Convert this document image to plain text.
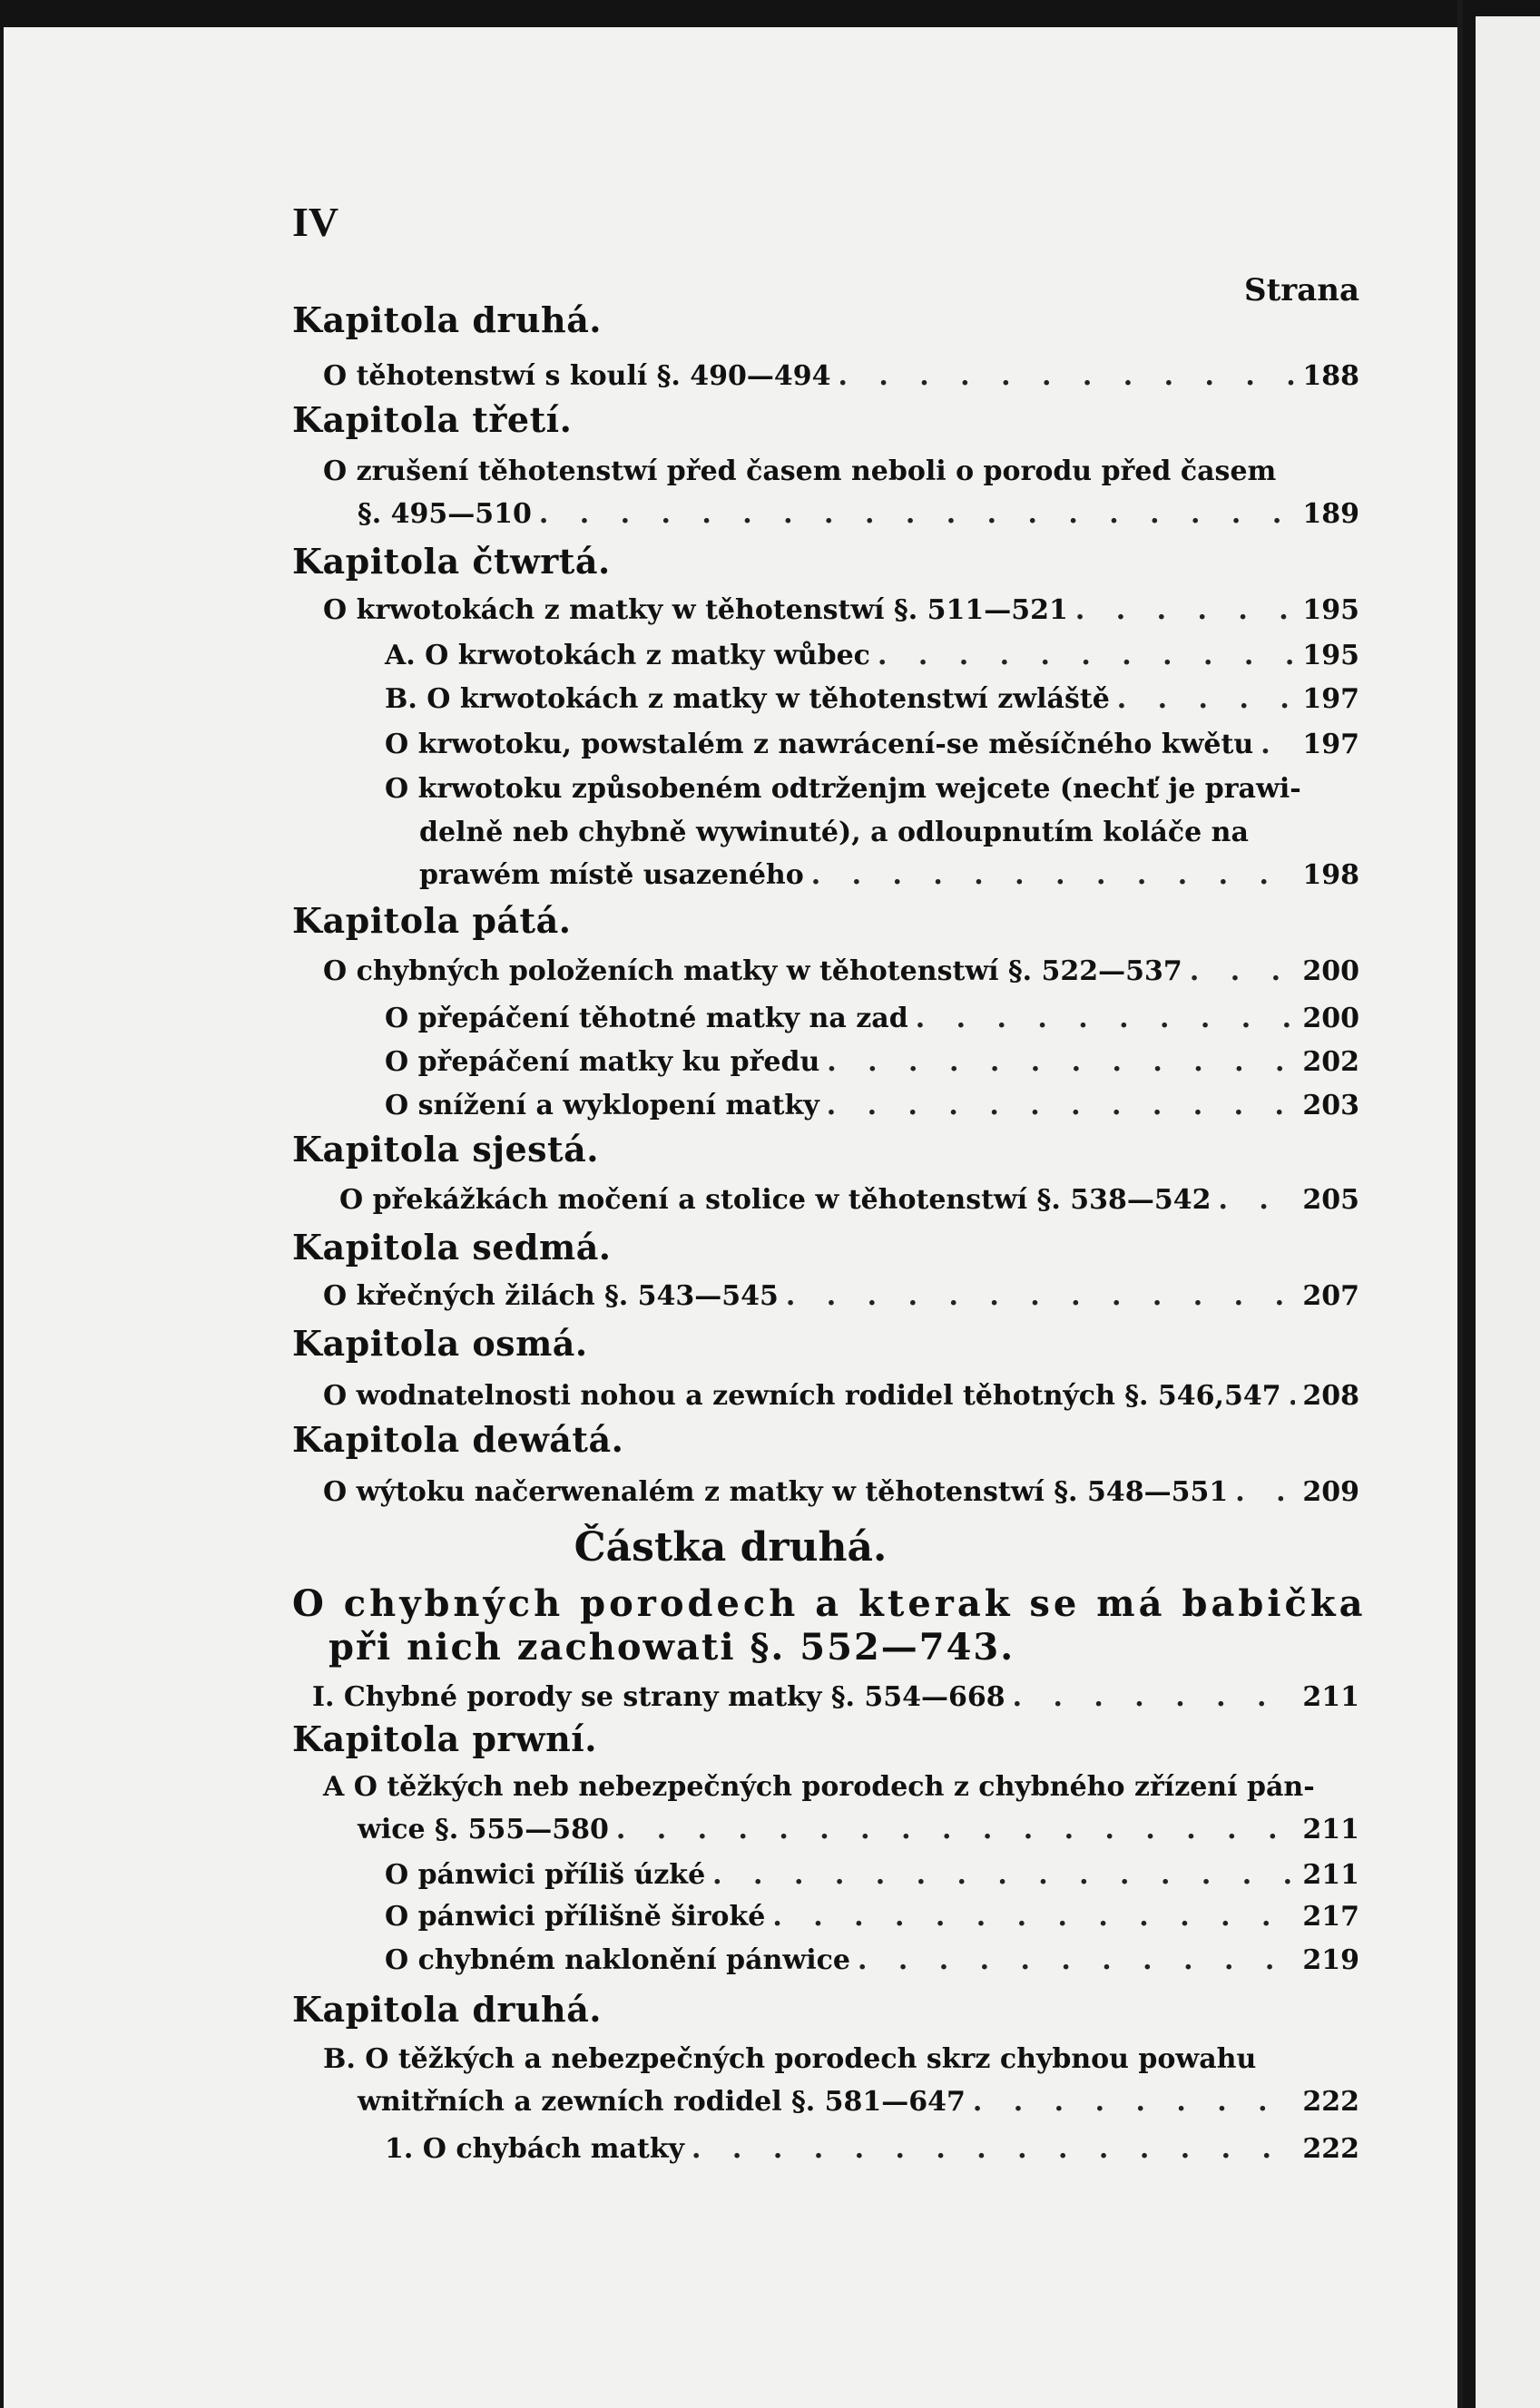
IV
Strana
Kapitola druhá.
O těhotenstwí s koulí §. 490—494 . . .	188
Kapitola třetí.
O zrušení těhotenstwí před časem neboli o porodu před časem
§. 495—510 . . .	189
Kapitola čtwrtá.
O krwotokách z matky w těhotenstwí §. 511—521 . . .	195
A. O krwotokách z matky wůbec . . .	195
B. O krwotokách z matky w těhotenstwí zwláště . . .	197
O krwotoku, powstalém z nawrácení-se měsíčného kwětu . . . 197
O krwotoku způsobeném odtrženjm wejcete (nechť je prawi-
delně neb chybně wywinuté), a odloupnutím koláče na
prawém místě usazeného . . .	198
Kapitola pátá.
O chybných položeních matky w těhotenstwí §. 522—537 . . .	200
O přepáčení těhotné matky na zad . . .	200
O přepáčení matky ku předu . . .	202
O snížení a wyklopení matky . . .	203
Kapitola sjestá.
O překážkách močení a stolice w těhotenstwí §. 538—542 . . .	205
Kapitola sedmá.
O křečných žilách §. 543—545 . . .	207
Kapitola osmá.
O wodnatelnosti nohou a zewních rodidel těhotných §. 546,547 . . . 208
Kapitola dewátá.
O wýtoku načerwenalém z matky w těhotenstwí §. 548—551 . . .	209
Částka druhá.
O chybných porodech a kterak se má babička
při nich zachowati §. 552—743.
I. Chybné porody se strany matky §. 554—668 . . .	211
Kapitola prwní.
A O těžkých neb nebezpečných porodech z chybného zřízení pán-
wice §. 555—580 . . .	211
O pánwici příliš úzké . . .	211
O pánwici přílišně široké . . .	217
O chybném naklonění pánwice . . .	219
Kapitola druhá.
B. O těžkých a nebezpečných porodech skrz chybnou powahu
wnitřních a zewních rodidel §. 581—647 . . .	222
1. O chybách matky . . .	222
